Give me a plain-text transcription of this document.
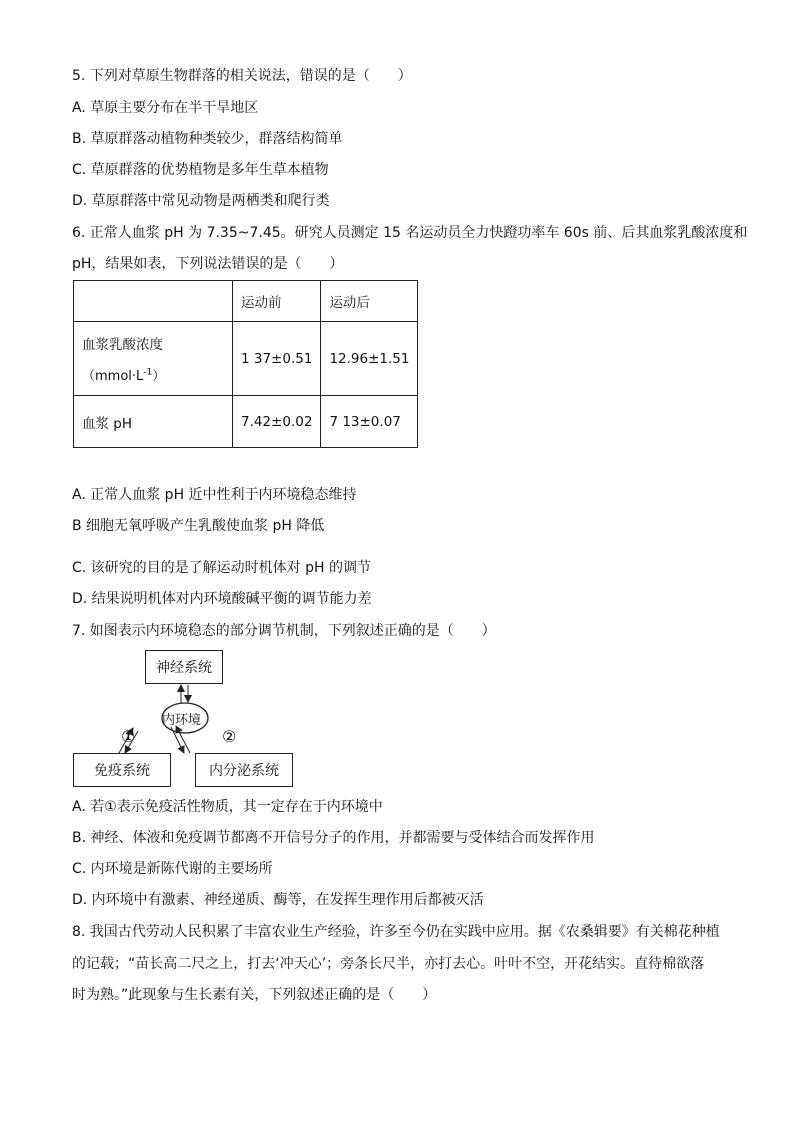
5. 下列对草原生物群落的相关说法，错误的是（　　）
A. 草原主要分布在半干旱地区
B. 草原群落动植物种类较少，群落结构简单
C. 草原群落的优势植物是多年生草本植物
D. 草原群落中常见动物是两栖类和爬行类
6. 正常人血浆 pH 为 7.35~7.45。研究人员测定 15 名运动员全力快蹬功率车 60s 前、后其血浆乳酸浓度和
pH，结果如表，下列说法错误的是（　　）
	运动前	运动后

血浆乳酸浓度
$(mmol\cdot L^{-1})$	1 37±0.51	12.96±1.51
血浆 pH	7.42±0.02	7 13±0.07
A. 正常人血浆 pH 近中性利于内环境稳态维持
B 细胞无氧呼吸产生乳酸使血浆 pH 降低
C. 该研究的目的是了解运动时机体对 pH 的调节
D. 结果说明机体对内环境酸碱平衡的调节能力差
7. 如图表示内环境稳态的部分调节机制，下列叙述正确的是（　　）
神经系统
内环境
免疫系统	内分泌系统
①	②
A. 若①表示免疫活性物质，其一定存在于内环境中
B. 神经、体液和免疫调节都离不开信号分子的作用，并都需要与受体结合而发挥作用
C. 内环境是新陈代谢的主要场所
D. 内环境中有激素、神经递质、酶等，在发挥生理作用后都被灭活
8. 我国古代劳动人民积累了丰富农业生产经验，许多至今仍在实践中应用。据《农桑辑要》有关棉花种植
的记载；“苗长高二尺之上，打去‘冲天心’；旁条长尺半，亦打去心。叶叶不空，开花结实。直待棉欲落
时为熟。”此现象与生长素有关，下列叙述正确的是（　　）
